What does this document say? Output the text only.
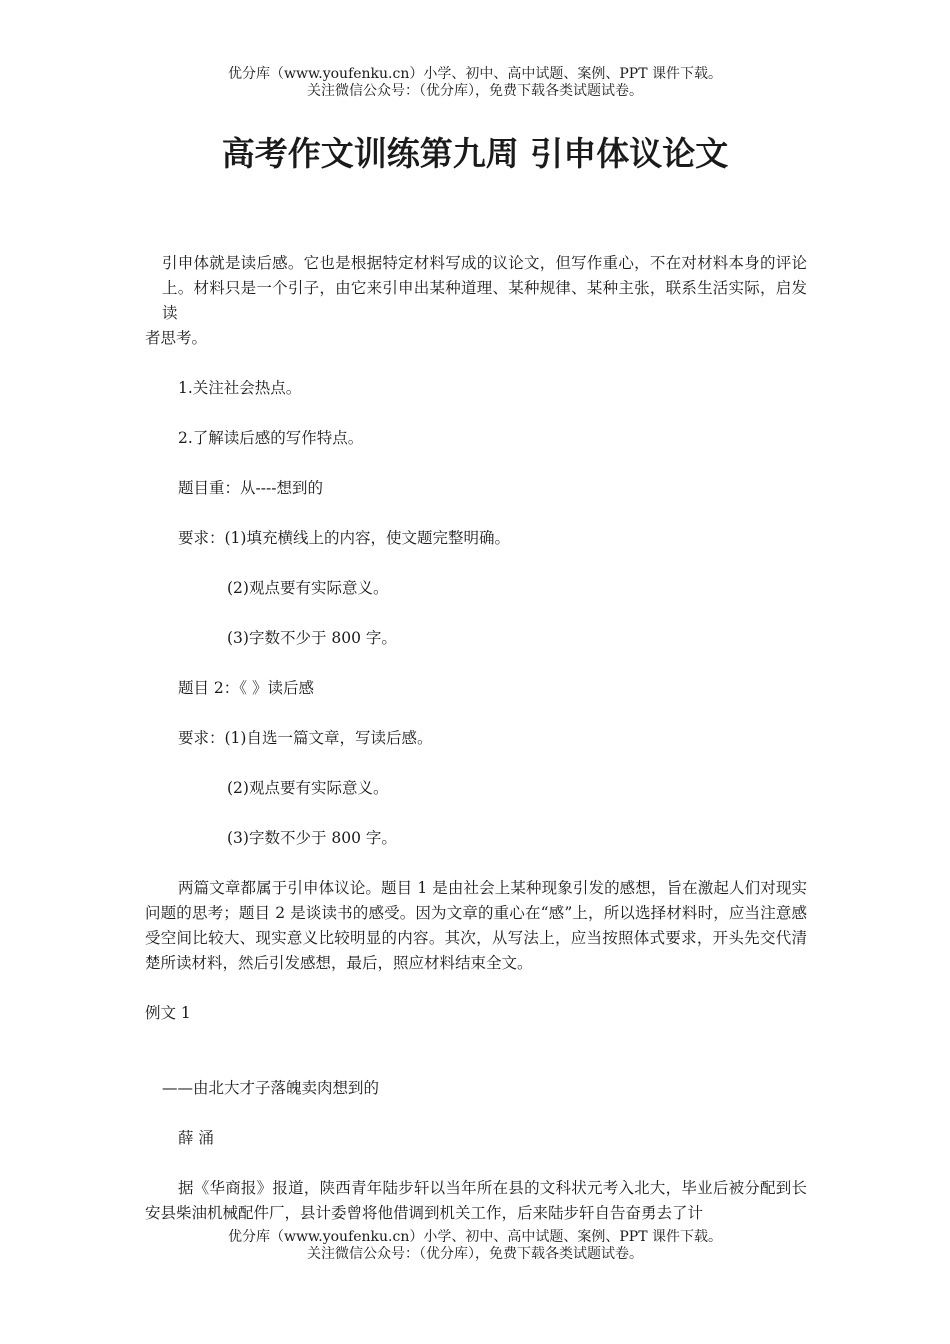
优分库（www.youfenku.cn）小学、初中、高中试题、案例、PPT 课件下载。
关注微信公众号：（优分库），免费下载各类试题试卷。
高考作文训练第九周 引申体议论文

引申体就是读后感。它也是根据特定材料写成的议论文，但写作重心，不在对材料本身的评论上。材料只是一个引子，由它来引申出某种道理、某种规律、某种主张，联系生活实际，启发读

者思考。

1.关注社会热点。

2.了解读后感的写作特点。

题目重：从----想到的

要求：(1)填充横线上的内容，使文题完整明确。

(2)观点要有实际意义。

(3)字数不少于 800 字。

题目 2：《 》读后感

要求：(1)自选一篇文章，写读后感。

(2)观点要有实际意义。

(3)字数不少于 800 字。

两篇文章都属于引申体议论。题目 1 是由社会上某种现象引发的感想，旨在激起人们对现实问题的思考；题目 2 是谈读书的感受。因为文章的重心在“感”上，所以选择材料时，应当注意感受空间比较大、现实意义比较明显的内容。其次，从写法上，应当按照体式要求，开头先交代清楚所读材料，然后引发感想，最后，照应材料结束全文。

例文 1

——由北大才子落魄卖肉想到的

薛 涌

据《华商报》报道，陕西青年陆步轩以当年所在县的文科状元考入北大，毕业后被分配到长安县柴油机械配件厂，县计委曾将他借调到机关工作，后来陆步轩自告奋勇去了计

优分库（www.youfenku.cn）小学、初中、高中试题、案例、PPT 课件下载。
关注微信公众号：（优分库），免费下载各类试题试卷。
